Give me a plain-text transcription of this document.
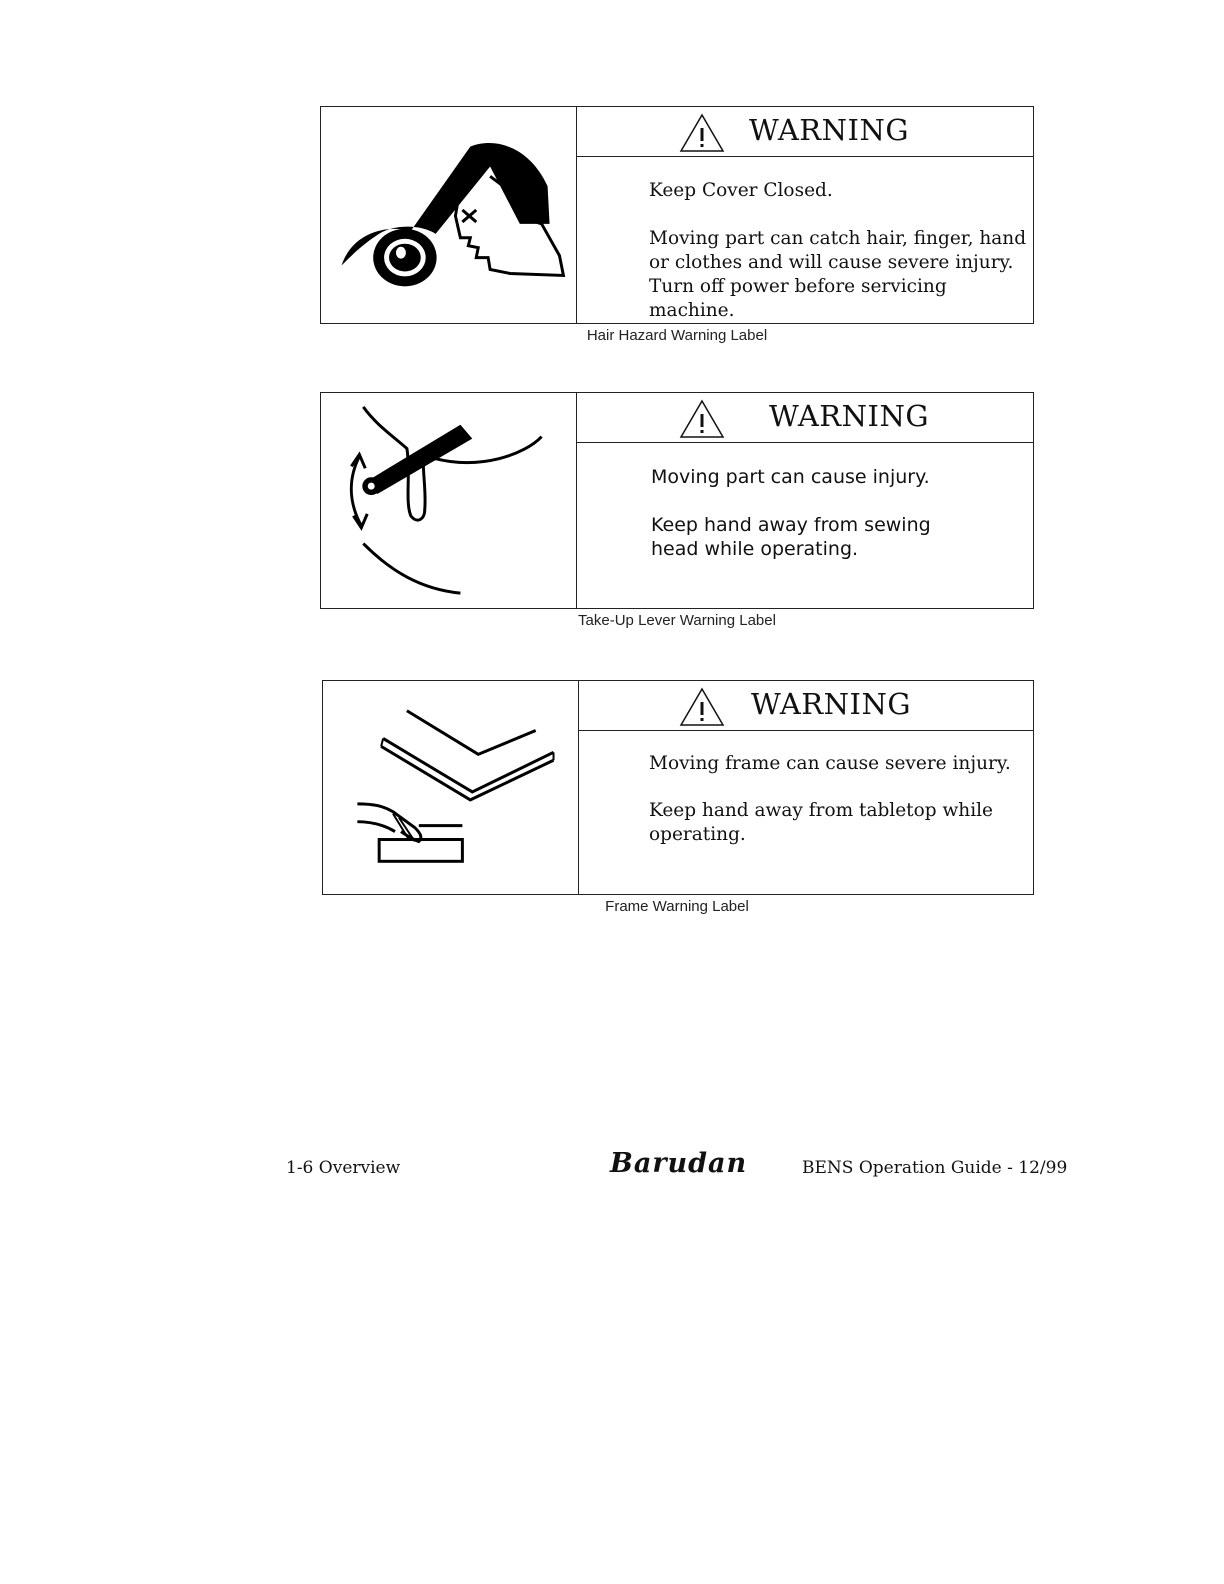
WARNING

Keep Cover Closed.

Moving part can catch hair, finger, hand

or clothes and will cause severe injury.

Turn off power before servicing machine.

Hair Hazard Warning Label
WARNING

Moving part can cause injury.

Keep hand away from sewing

head while operating.

Take-Up Lever Warning Label
WARNING

Moving frame can cause severe injury.

Keep hand away from tabletop while

operating.

Frame Warning Label
1-6 Overview	Barudan	BENS Operation Guide - 12/99
